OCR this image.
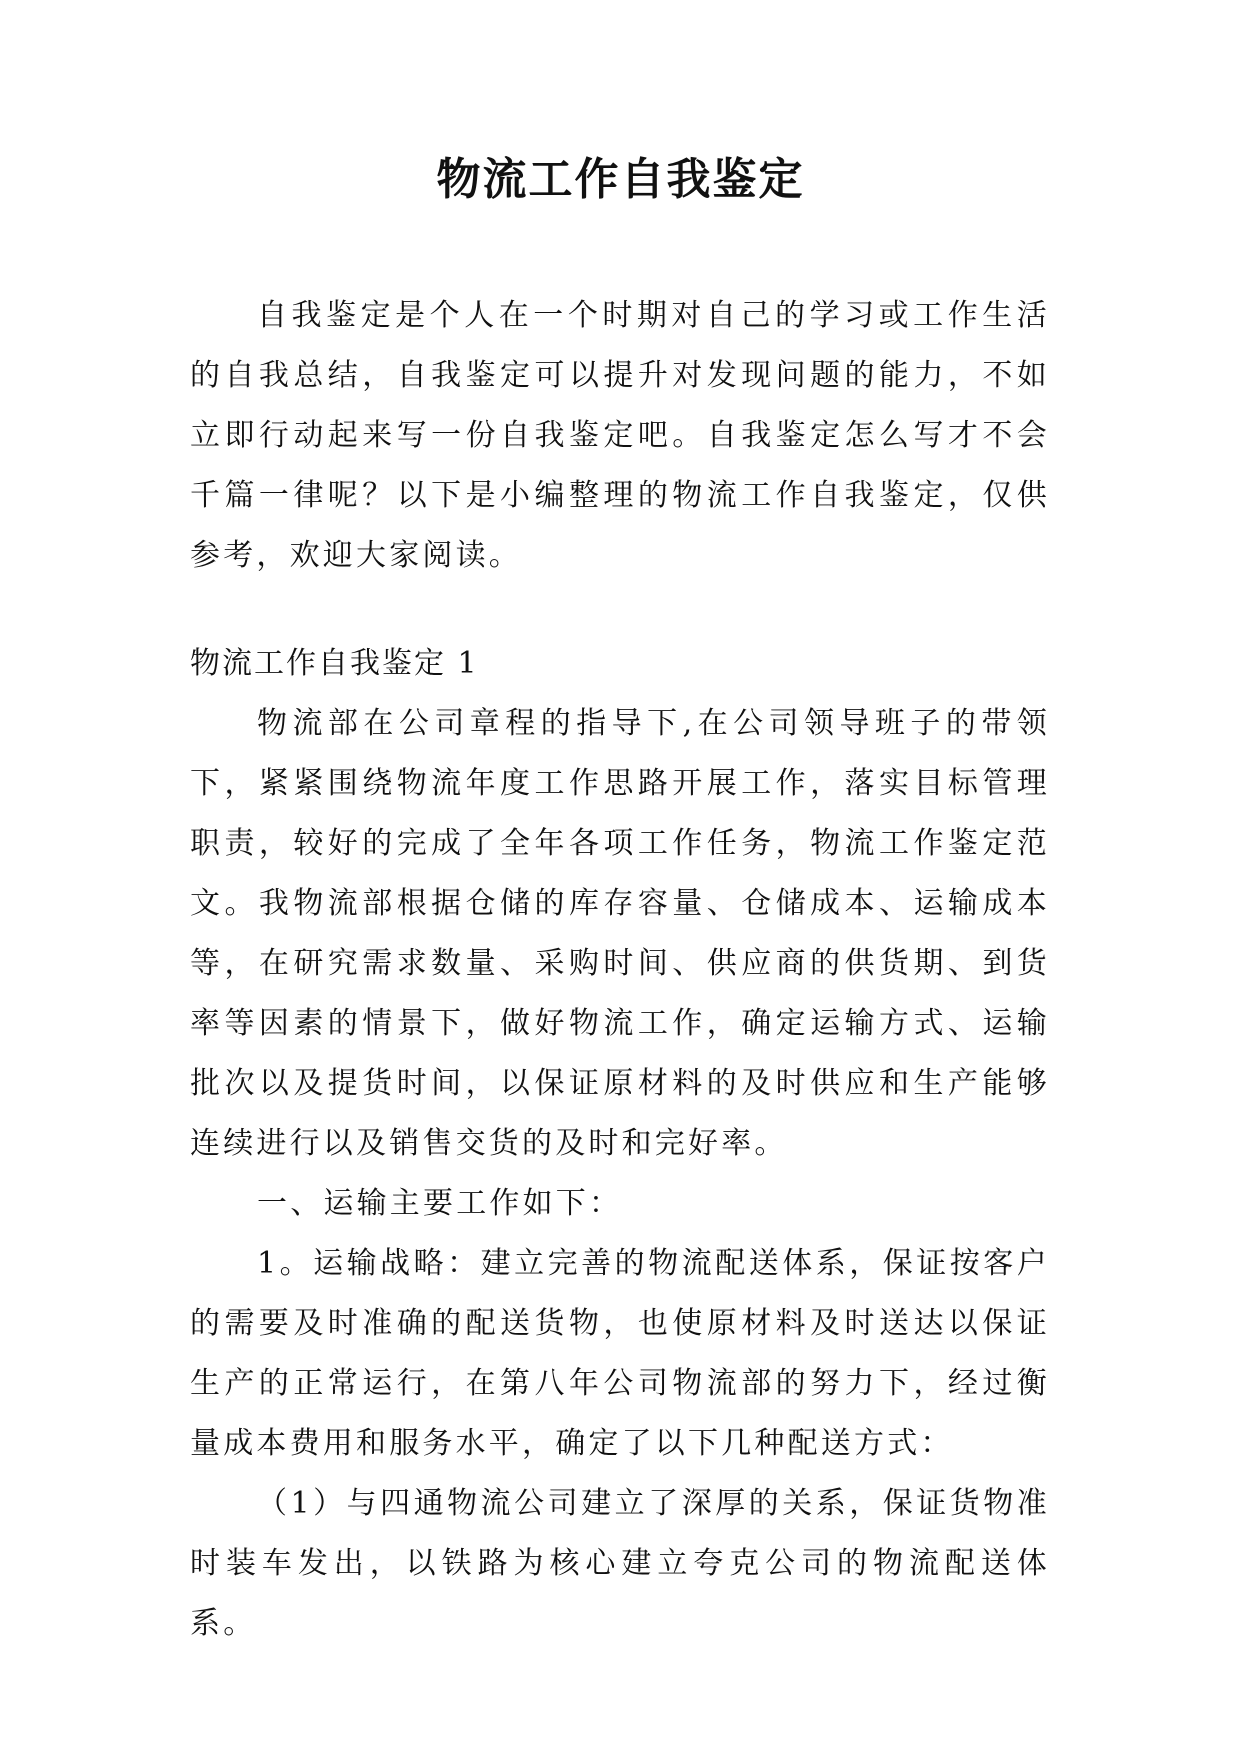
物流工作自我鉴定

自我鉴定是个人在一个时期对自己的学习或工作生活的自我总结，自我鉴定可以提升对发现问题的能力，不如立即行动起来写一份自我鉴定吧。自我鉴定怎么写才不会千篇一律呢？以下是小编整理的物流工作自我鉴定，仅供参考，欢迎大家阅读。

物流工作自我鉴定 1

物流部在公司章程的指导下,在公司领导班子的带领下，紧紧围绕物流年度工作思路开展工作，落实目标管理职责，较好的完成了全年各项工作任务，物流工作鉴定范文。我物流部根据仓储的库存容量、仓储成本、运输成本等，在研究需求数量、采购时间、供应商的供货期、到货率等因素的情景下，做好物流工作，确定运输方式、运输批次以及提货时间，以保证原材料的及时供应和生产能够连续进行以及销售交货的及时和完好率。

一、运输主要工作如下：

1。运输战略：建立完善的物流配送体系，保证按客户的需要及时准确的配送货物，也使原材料及时送达以保证生产的正常运行，在第八年公司物流部的努力下，经过衡量成本费用和服务水平，确定了以下几种配送方式：

（1）与四通物流公司建立了深厚的关系，保证货物准时装车发出，以铁路为核心建立夸克公司的物流配送体系。
